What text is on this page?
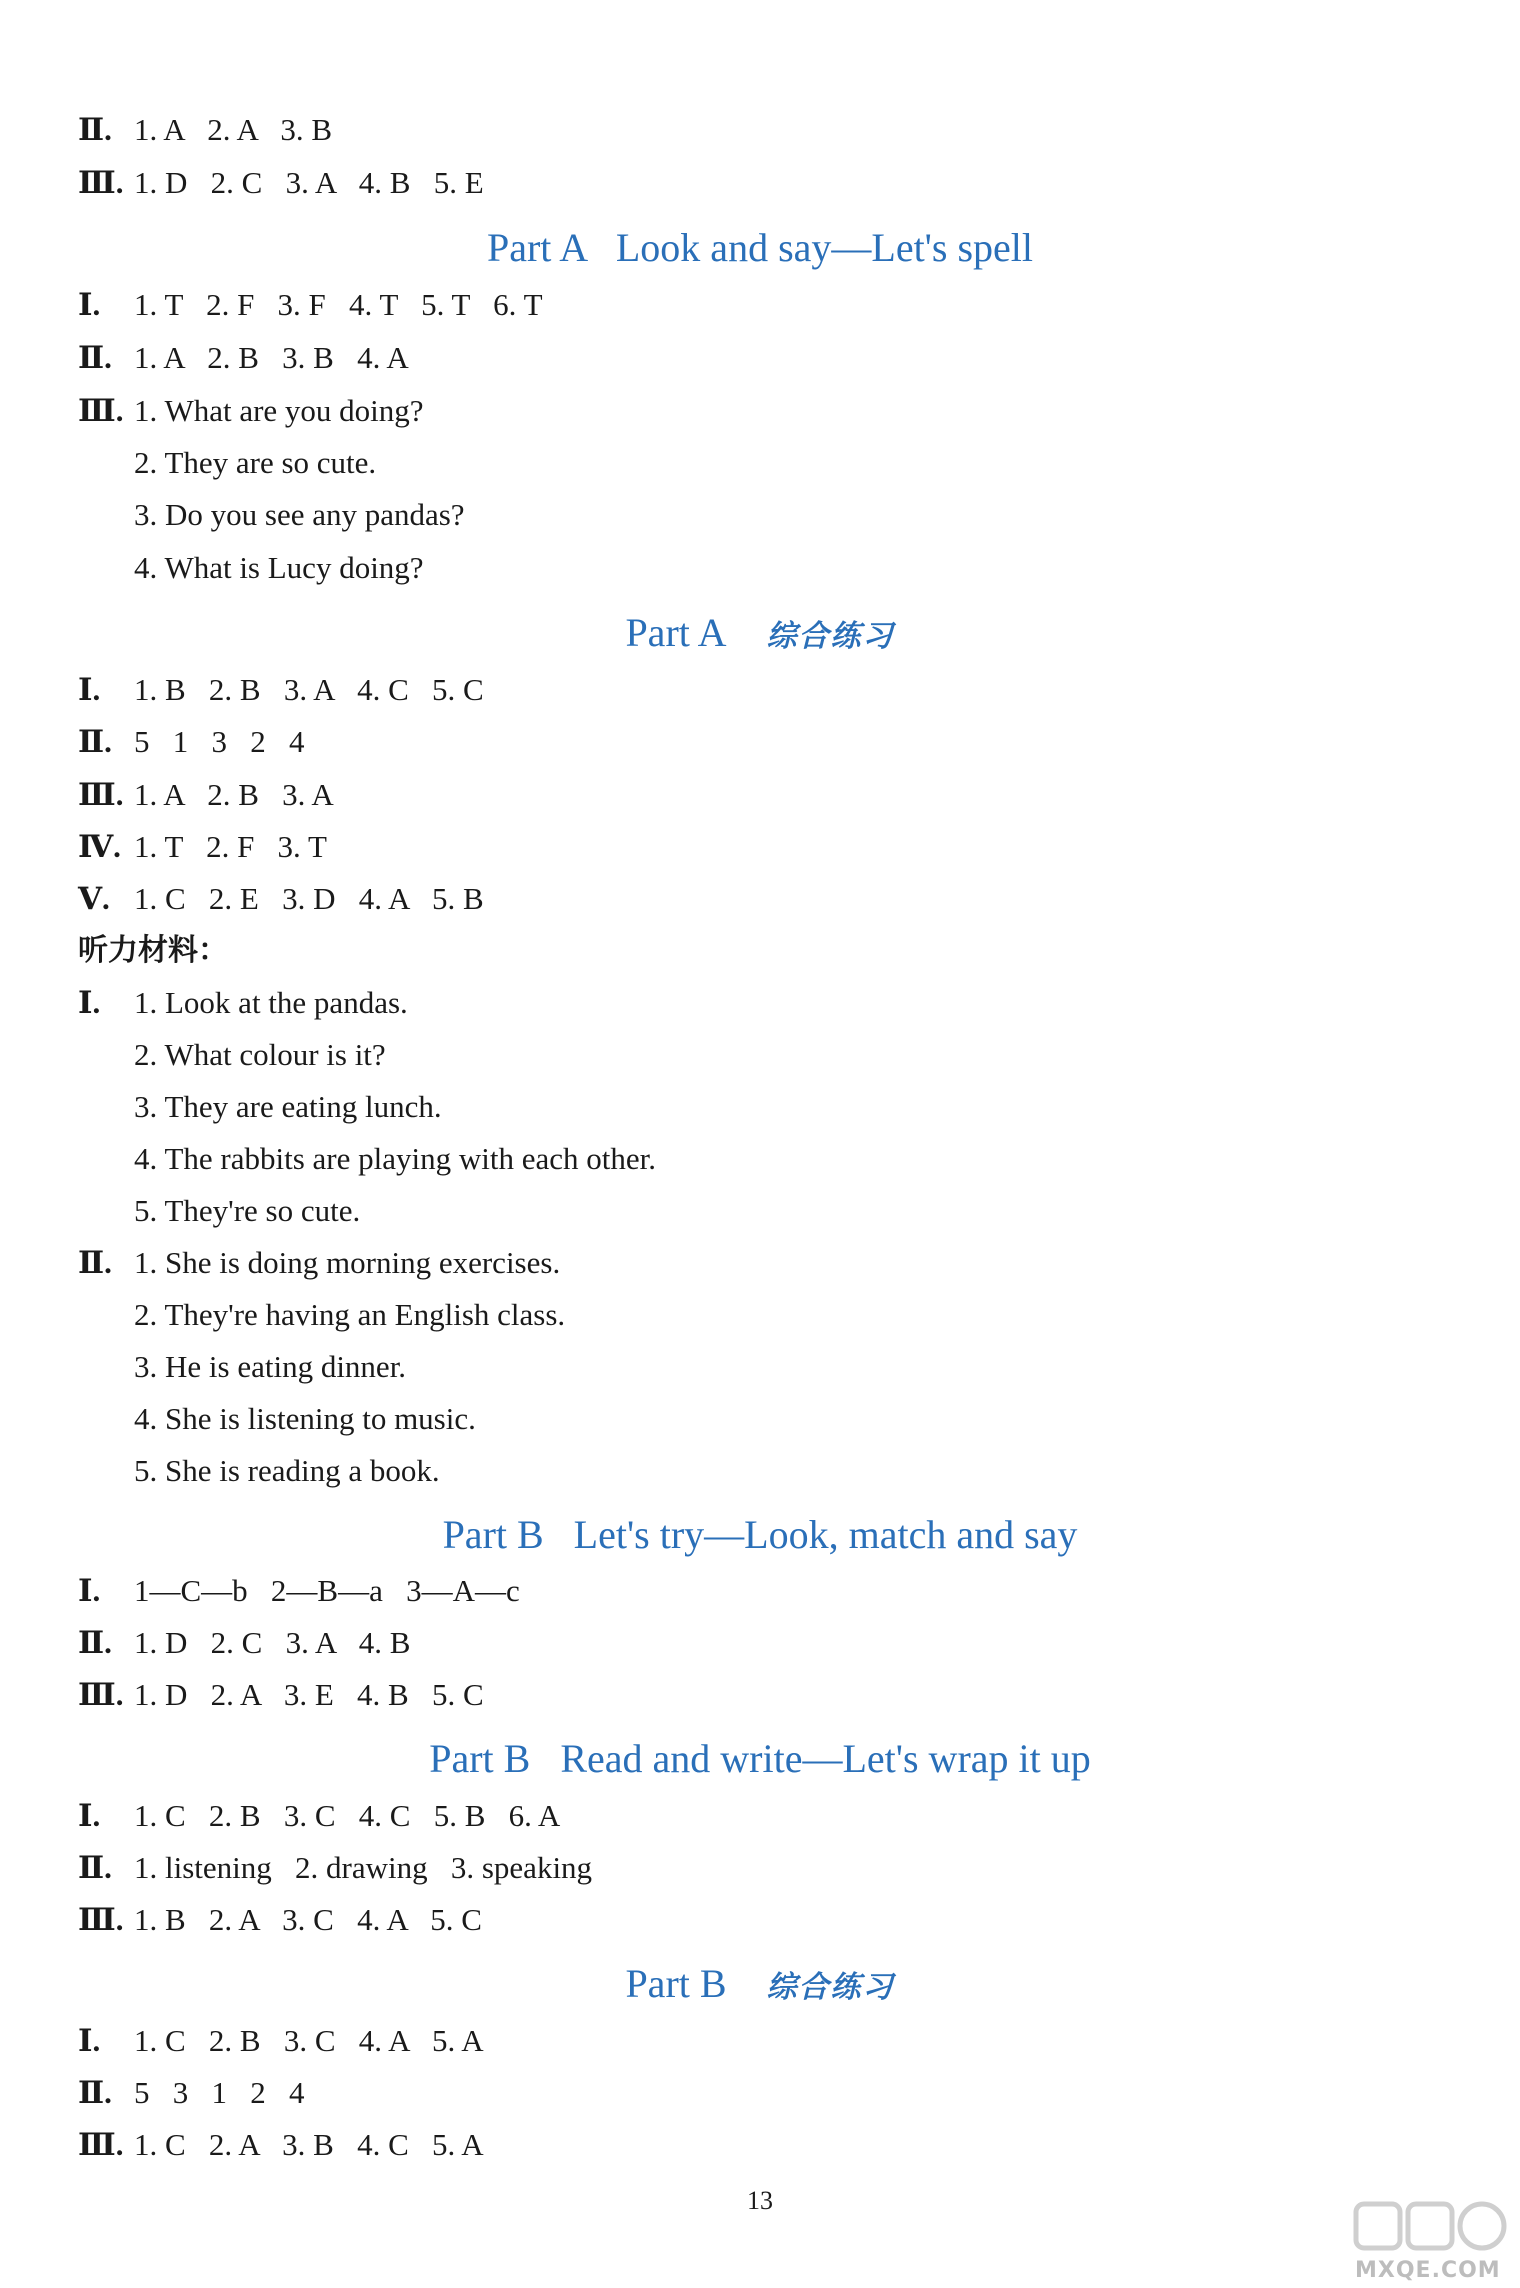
Ⅱ. 1. A   2. A   3. B
Ⅲ. 1. D   2. C   3. A   4. B   5. E
Part A   Look and say—Let's spell
Ⅰ. 1. T   2. F   3. F   4. T   5. T   6. T
Ⅱ. 1. A   2. B   3. B   4. A
Ⅲ. 1. What are you doing?
2. They are so cute.
3. Do you see any pandas?
4. What is Lucy doing?
Part A 综合练习
Ⅰ. 1. B   2. B   3. A   4. C   5. C
Ⅱ. 5   1   3   2   4
Ⅲ. 1. A   2. B   3. A
Ⅳ. 1. T   2. F   3. T
Ⅴ. 1. C   2. E   3. D   4. A   5. B
听力材料：
Ⅰ. 1. Look at the pandas.
2. What colour is it?
3. They are eating lunch.
4. The rabbits are playing with each other.
5. They're so cute.
Ⅱ. 1. She is doing morning exercises.
2. They're having an English class.
3. He is eating dinner.
4. She is listening to music.
5. She is reading a book.
Part B   Let's try—Look, match and say
Ⅰ. 1—C—b   2—B—a   3—A—c
Ⅱ. 1. D   2. C   3. A   4. B
Ⅲ. 1. D   2. A   3. E   4. B   5. C
Part B   Read and write—Let's wrap it up
Ⅰ. 1. C   2. B   3. C   4. C   5. B   6. A
Ⅱ. 1. listening   2. drawing   3. speaking
Ⅲ. 1. B   2. A   3. C   4. A   5. C
Part B 综合练习
Ⅰ. 1. C   2. B   3. C   4. A   5. A
Ⅱ. 5   3   1   2   4
Ⅲ. 1. C   2. A   3. B   4. C   5. A
13
MXQE.COM
